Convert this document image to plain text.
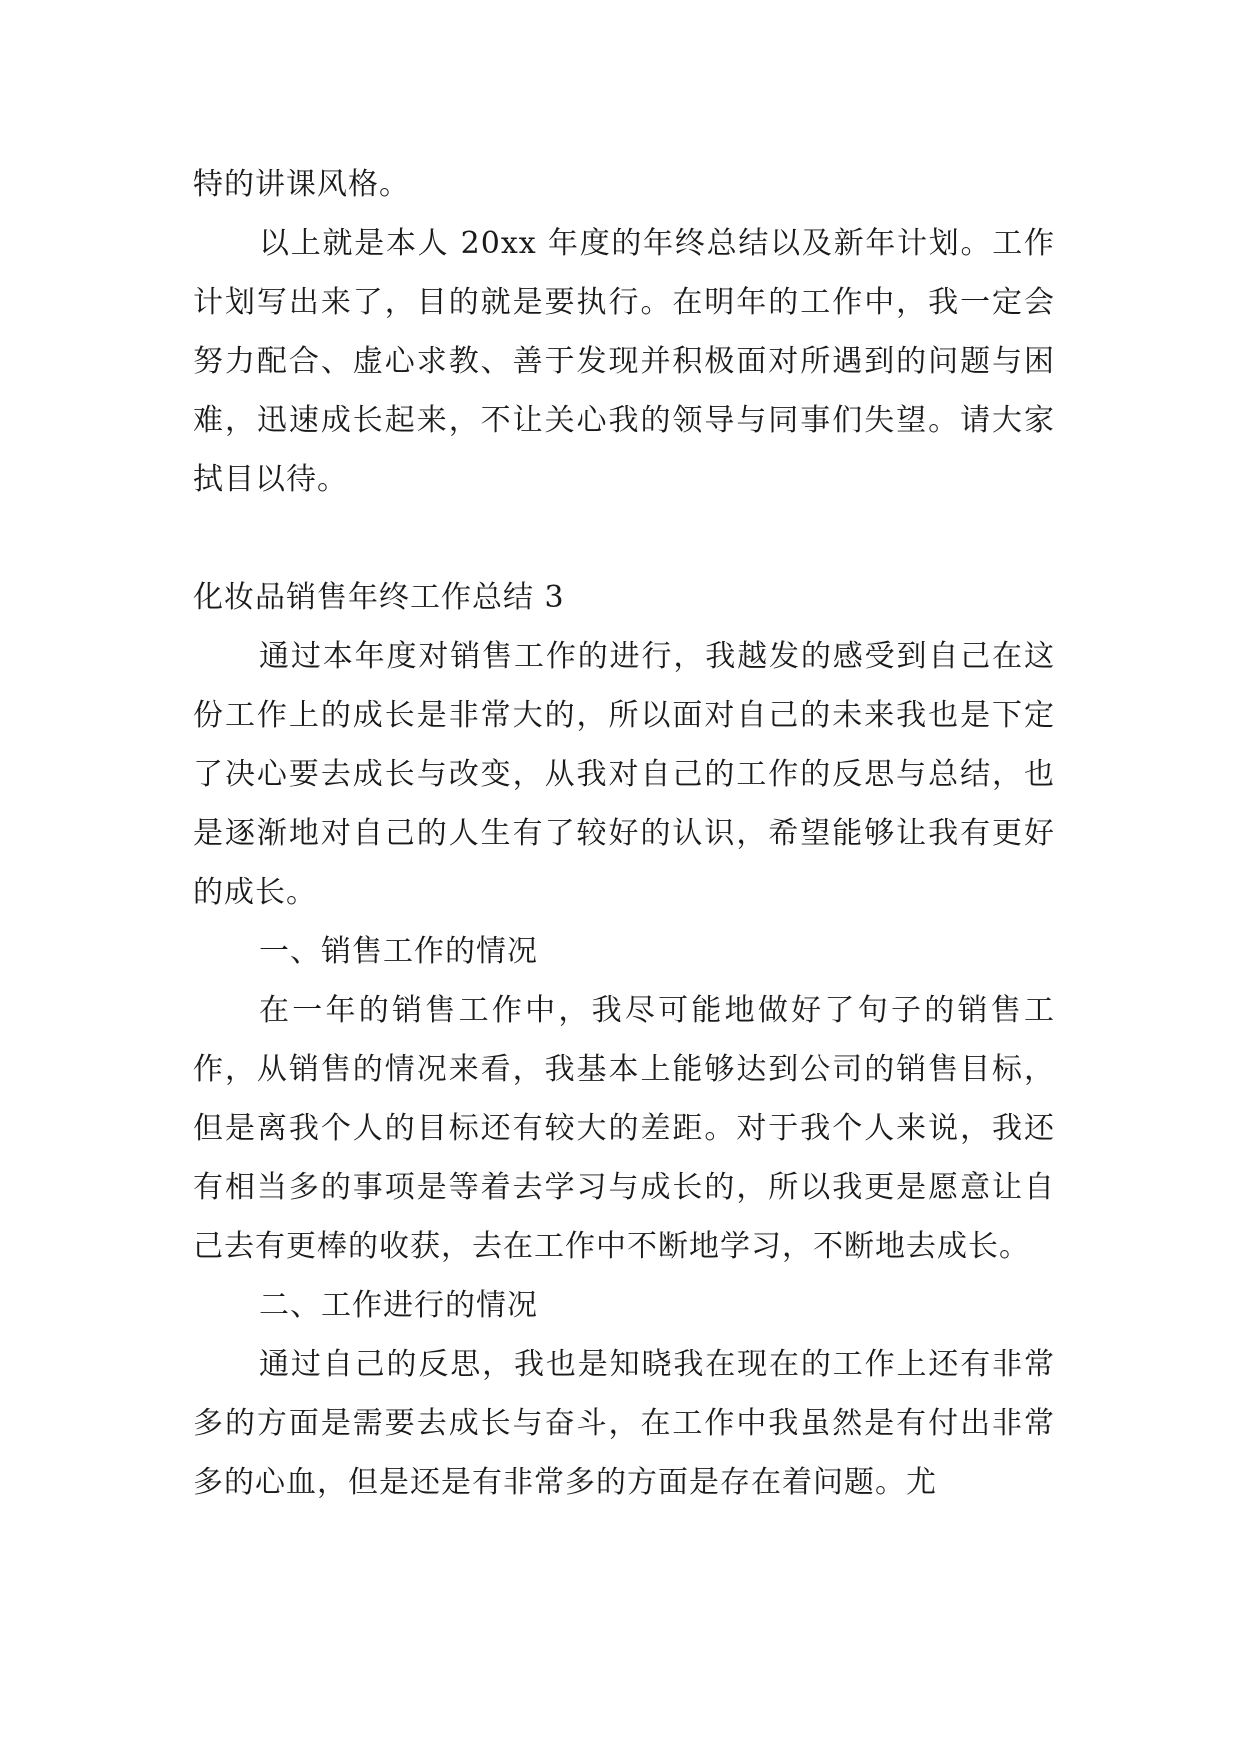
特的讲课风格。

以上就是本人 20xx 年度的年终总结以及新年计划。工作计划写出来了，目的就是要执行。在明年的工作中，我一定会努力配合、虚心求教、善于发现并积极面对所遇到的问题与困难，迅速成长起来，不让关心我的领导与同事们失望。请大家拭目以待。

化妆品销售年终工作总结 3

通过本年度对销售工作的进行，我越发的感受到自己在这份工作上的成长是非常大的，所以面对自己的未来我也是下定了决心要去成长与改变，从我对自己的工作的反思与总结，也是逐渐地对自己的人生有了较好的认识，希望能够让我有更好的成长。

一、销售工作的情况

在一年的销售工作中，我尽可能地做好了句子的销售工作，从销售的情况来看，我基本上能够达到公司的销售目标，但是离我个人的目标还有较大的差距。对于我个人来说，我还有相当多的事项是等着去学习与成长的，所以我更是愿意让自己去有更棒的收获，去在工作中不断地学习，不断地去成长。

二、工作进行的情况

通过自己的反思，我也是知晓我在现在的工作上还有非常多的方面是需要去成长与奋斗，在工作中我虽然是有付出非常多的心血，但是还是有非常多的方面是存在着问题。尤
